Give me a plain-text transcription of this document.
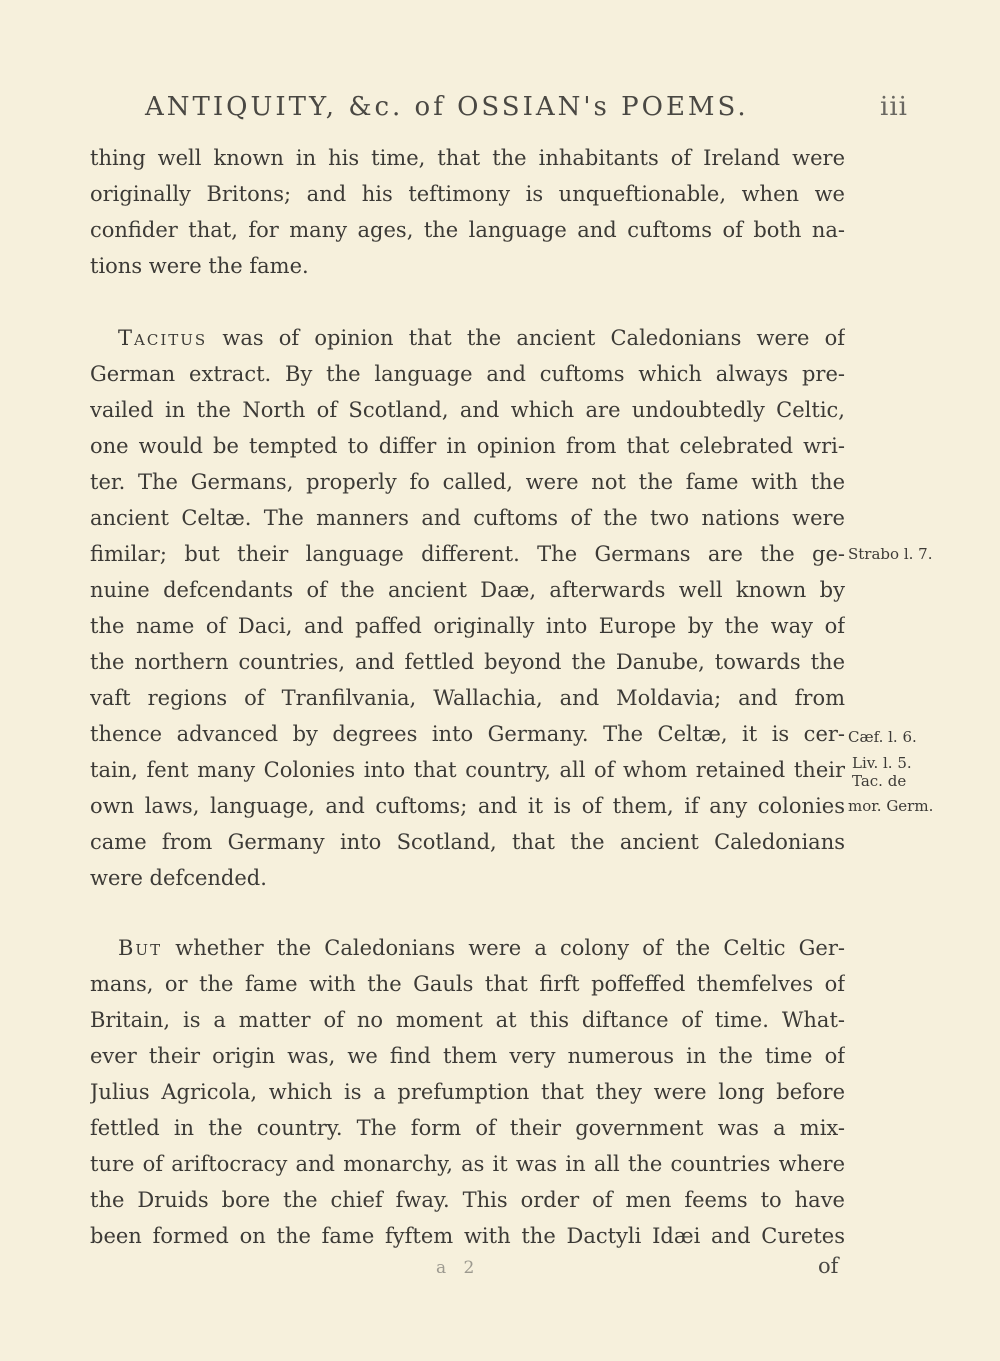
ANTIQUITY, &c. of OSSIAN's POEMS.	iii
thing well known in his time, that the inhabitants of Ireland were
originally Britons; and his teftimony is unqueftionable, when we
confider that, for many ages, the language and cuftoms of both na-
tions were the fame.
Tacitus was of opinion that the ancient Caledonians were of
German extract. By the language and cuftoms which always pre-
vailed in the North of Scotland, and which are undoubtedly Celtic,
one would be tempted to differ in opinion from that celebrated wri-
ter. The Germans, properly fo called, were not the fame with the
ancient Celtæ. The manners and cuftoms of the two nations were
fimilar; but their language different. The Germans are the ge-
nuine defcendants of the ancient Daæ, afterwards well known by
the name of Daci, and paffed originally into Europe by the way of
the northern countries, and fettled beyond the Danube, towards the
vaft regions of Tranfilvania, Wallachia, and Moldavia; and from
thence advanced by degrees into Germany. The Celtæ, it is cer-
tain, fent many Colonies into that country, all of whom retained their
own laws, language, and cuftoms; and it is of them, if any colonies
came from Germany into Scotland, that the ancient Caledonians
were defcended.
But whether the Caledonians were a colony of the Celtic Ger-
mans, or the fame with the Gauls that firft poffeffed themfelves of
Britain, is a matter of no moment at this diftance of time. What-
ever their origin was, we find them very numerous in the time of
Julius Agricola, which is a prefumption that they were long before
fettled in the country. The form of their government was a mix-
ture of ariftocracy and monarchy, as it was in all the countries where
the Druids bore the chief fway. This order of men feems to have
been formed on the fame fyftem with the Dactyli Idæi and Curetes
Strabo l. 7.
Cæf. l. 6.
Liv. l. 5.
Tac. de
mor. Germ.
a 2	of
